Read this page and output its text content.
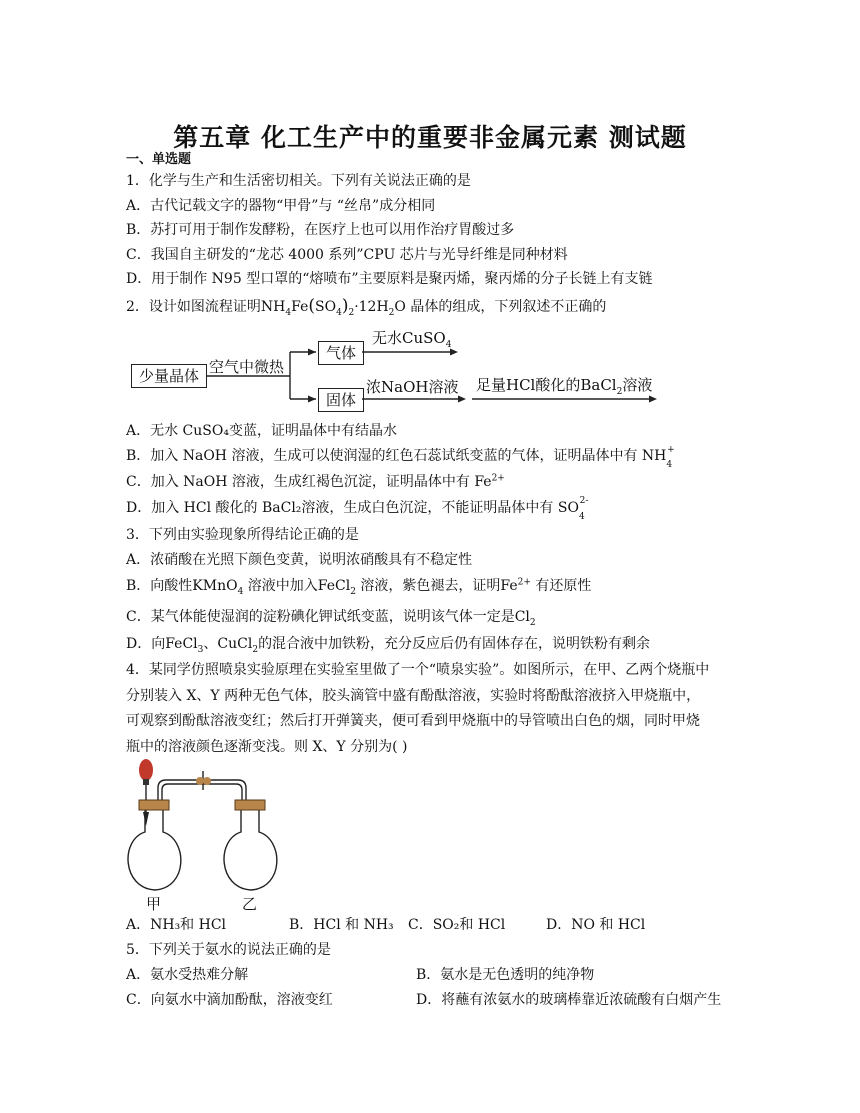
第五章 化工生产中的重要非金属元素 测试题
一、单选题
1．化学与生产和生活密切相关。下列有关说法正确的是
A．古代记载文字的器物“甲骨”与 “丝帛”成分相同
B．苏打可用于制作发酵粉，在医疗上也可以用作治疗胃酸过多
C．我国自主研发的“龙芯 4000 系列”CPU 芯片与光导纤维是同种材料
D．用于制作 N95 型口罩的“熔喷布”主要原料是聚丙烯，聚丙烯的分子长链上有支链
2．设计如图流程证明$NH_4Fe(SO_4)_2\cdot 12H_2O$ 晶体的组成，下列叙述不正确的
少量晶体 空气中微热
气体
无水CuSO$_4$
固体
浓NaOH溶液 足量HCl酸化的BaCl$_2$溶液
A．无水 CuSO₄变蓝，证明晶体中有结晶水
B．加入 NaOH 溶液，生成可以使润湿的红色石蕊试纸变蓝的气体，证明晶体中有 $NH_4^+$
C．加入 NaOH 溶液，生成红褐色沉淀，证明晶体中有 $Fe^{2+}$
D．加入 HCl 酸化的 BaCl₂溶液，生成白色沉淀，不能证明晶体中有 $SO_4^{2-}$
3．下列由实验现象所得结论正确的是
A．浓硝酸在光照下颜色变黄，说明浓硝酸具有不稳定性
B．向酸性KMnO$_4$ 溶液中加入FeCl$_2$ 溶液，紫色褪去，证明$Fe^{2+}$ 有还原性
C．某气体能使湿润的淀粉碘化钾试纸变蓝，说明该气体一定是$Cl_2$
D．向FeCl$_3$、CuCl$_2$的混合液中加铁粉，充分反应后仍有固体存在，说明铁粉有剩余
4．某同学仿照喷泉实验原理在实验室里做了一个“喷泉实验”。如图所示，在甲、乙两个烧瓶中
分别装入 X、Y 两种无色气体，胶头滴管中盛有酚酞溶液，实验时将酚酞溶液挤入甲烧瓶中，
可观察到酚酞溶液变红；然后打开弹簧夹，便可看到甲烧瓶中的导管喷出白色的烟，同时甲烧
瓶中的溶液颜色逐渐变浅。则 X、Y 分别为( )
甲	乙
A．NH₃和 HCl	B．HCl 和 NH₃ C．SO₂和 HCl	D．NO 和 HCl
5．下列关于氨水的说法正确的是
A．氨水受热难分解	B．氨水是无色透明的纯净物
C．向氨水中滴加酚酞，溶液变红	D．将蘸有浓氨水的玻璃棒靠近浓硫酸有白烟产生
